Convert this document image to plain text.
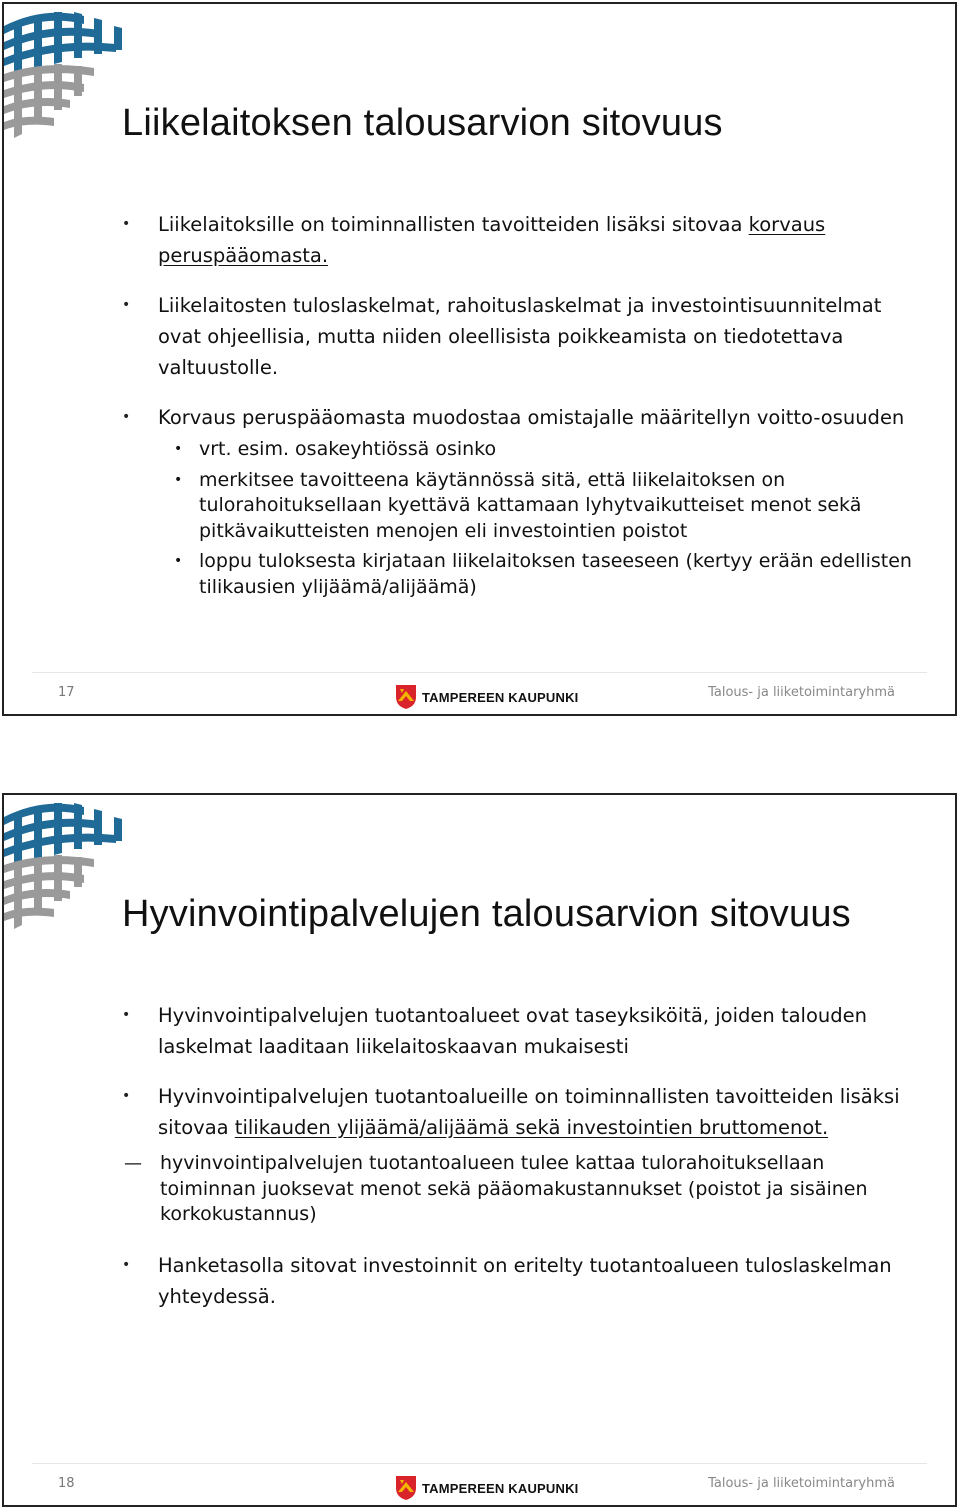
Liikelaitoksen talousarvion sitovuus
• Liikelaitoksille on toiminnallisten tavoitteiden lisäksi sitovaa korvaus peruspääomasta.
• Liikelaitosten tuloslaskelmat, rahoituslaskelmat ja investointisuunnitelmat ovat ohjeellisia, mutta niiden oleellisista poikkeamista on tiedotettava valtuustolle.
• Korvaus peruspääomasta muodostaa omistajalle määritellyn voitto-osuuden
• vrt. esim. osakeyhtiössä osinko
• merkitsee tavoitteena käytännössä sitä, että liikelaitoksen on tulorahoituksellaan kyettävä kattamaan lyhytvaikutteiset menot sekä pitkävaikutteisten menojen eli investointien poistot
• loppu tuloksesta kirjataan liikelaitoksen taseeseen (kertyy erään edellisten tilikausien ylijäämä/alijäämä)
17	TAMPEREEN KAUPUNKI	Talous- ja liiketoimintaryhmä
Hyvinvointipalvelujen talousarvion sitovuus
• Hyvinvointipalvelujen tuotantoalueet ovat taseyksiköitä, joiden talouden laskelmat laaditaan liikelaitoskaavan mukaisesti
• Hyvinvointipalvelujen tuotantoalueille on toiminnallisten tavoitteiden lisäksi sitovaa tilikauden ylijäämä/alijäämä sekä investointien bruttomenot.
— hyvinvointipalvelujen tuotantoalueen tulee kattaa tulorahoituksellaan toiminnan juoksevat menot sekä pääomakustannukset (poistot ja sisäinen korkokustannus)
• Hanketasolla sitovat investoinnit on eritelty tuotantoalueen tuloslaskelman yhteydessä.
18	TAMPEREEN KAUPUNKI	Talous- ja liiketoimintaryhmä
